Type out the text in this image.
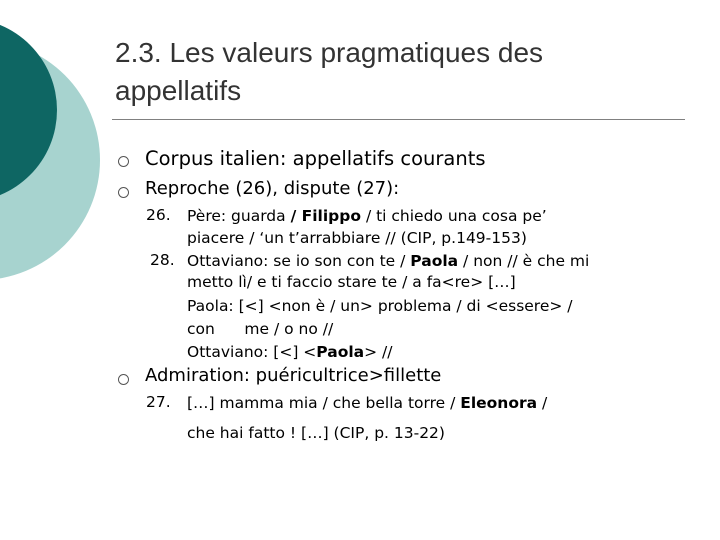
2.3. Les valeurs pragmatiques des
appellatifs
Corpus italien: appellatifs courants
Reproche (26), dispute (27):
26. Père: guarda / Filippo / ti chiedo una cosa pe’
piacere / ‘un t’arrabbiare // (CIP, p.149-153)
28. Ottaviano: se io son con te / Paola / non // è che mi
metto lì/ e ti faccio stare te / a fa<re> […]
Paola: [<] <non è / un> problema / di <essere> /
con      me / o no //
Ottaviano: [<] <Paola> //
Admiration: puéricultrice>fillette
27. […] mamma mia / che bella torre / Eleonora /
che hai fatto ! […] (CIP, p. 13-22)
